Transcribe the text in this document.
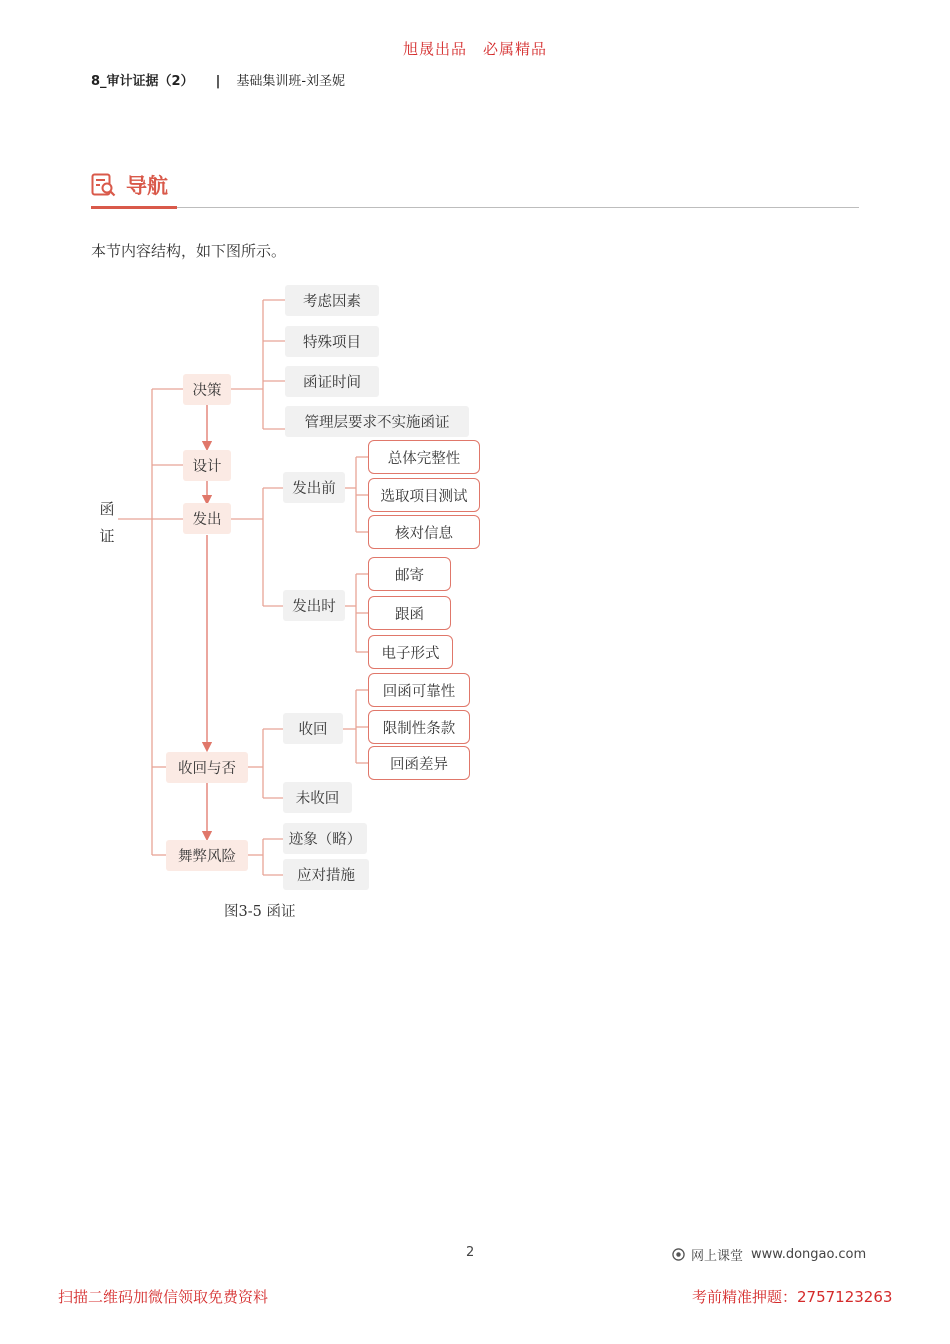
旭晟出品　必属精品
8_审计证据（2） | 基础集训班-刘圣妮
导航
本节内容结构，如下图所示。
函
证
决策
设计
发出
收回与否
舞弊风险
考虑因素
特殊项目
函证时间
管理层要求不实施函证
发出前
发出时
总体完整性
选取项目测试
核对信息
邮寄
跟函
电子形式
收回
未收回
回函可靠性
限制性条款
回函差异
迹象（略）
应对措施
图3-5 函证
2	网上课堂 www.dongao.com
扫描二维码加微信领取免费资料	考前精准押题：2757123263
